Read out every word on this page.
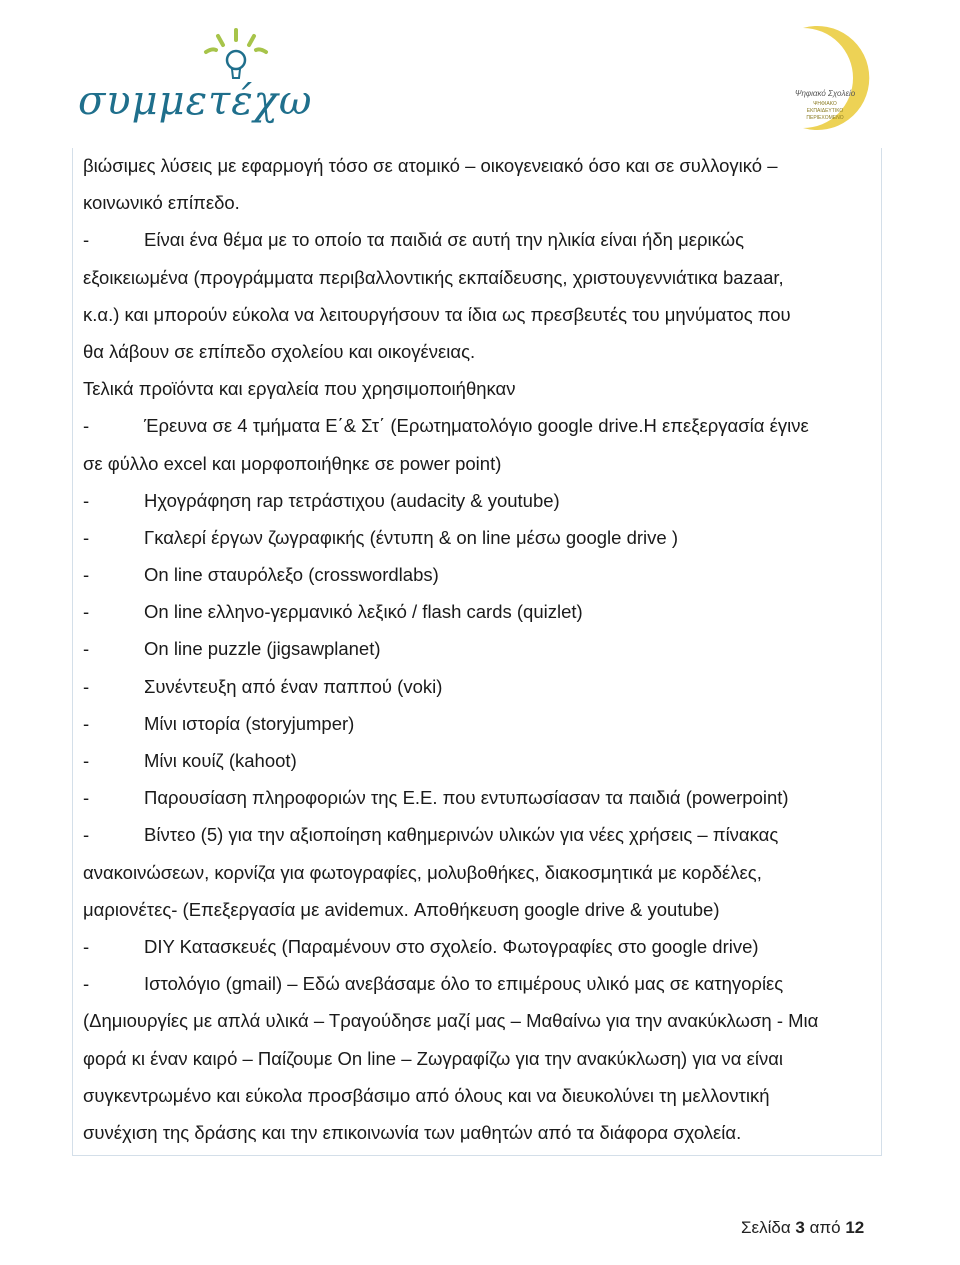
συμμετέχω	Ψηφιακό Σχολείο
ΨΗΦΙΑΚΟ
ΕΚΠΑΙΔΕΥΤΙΚΟ
ΠΕΡΙΕΧΟΜΕΝΟ
βιώσιμες λύσεις με εφαρμογή τόσο σε ατομικό – οικογενειακό όσο και σε συλλογικό –
κοινωνικό επίπεδο.
-	Είναι ένα θέμα με το οποίο τα παιδιά σε αυτή την ηλικία είναι ήδη μερικώς
εξοικειωμένα (προγράμματα περιβαλλοντικής εκπαίδευσης, χριστουγεννιάτικα bazaar,
κ.α.) και μπορούν εύκολα να λειτουργήσουν τα ίδια ως πρεσβευτές του μηνύματος που
θα λάβουν σε επίπεδο σχολείου και οικογένειας.
Τελικά προϊόντα και εργαλεία που χρησιμοποιήθηκαν
-	Έρευνα σε 4 τμήματα Ε΄& Στ΄ (Ερωτηματολόγιο google drive.Η επεξεργασία έγινε
σε φύλλο excel και μορφοποιήθηκε σε power point)
-	Ηχογράφηση rap τετράστιχου (audacity & youtube)
-	Γκαλερί έργων ζωγραφικής (έντυπη & on line μέσω google drive )
-	On line σταυρόλεξο (crosswordlabs)
-	On line ελληνο-γερμανικό λεξικό / flash cards (quizlet)
-	On line puzzle (jigsawplanet)
-	Συνέντευξη από έναν παππού (voki)
-	Μίνι ιστορία (storyjumper)
-	Μίνι κουίζ (kahoot)
-	Παρουσίαση πληροφοριών της Ε.Ε. που εντυπωσίασαν τα παιδιά (powerpoint)
-	Βίντεο (5) για την αξιοποίηση καθημερινών υλικών για νέες χρήσεις – πίνακας
ανακοινώσεων, κορνίζα για φωτογραφίες, μολυβοθήκες, διακοσμητικά με κορδέλες,
μαριονέτες- (Επεξεργασία με avidemux. Αποθήκευση google drive & youtube)
-	DIY Κατασκευές (Παραμένουν στο σχολείο. Φωτογραφίες στο google drive)
-	Ιστολόγιο (gmail) – Εδώ ανεβάσαμε όλο το επιμέρους υλικό μας σε κατηγορίες
(Δημιουργίες με απλά υλικά – Τραγούδησε μαζί μας – Μαθαίνω για την ανακύκλωση - Μια
φορά κι έναν καιρό – Παίζουμε On line – Ζωγραφίζω για την ανακύκλωση) για να είναι
συγκεντρωμένο και εύκολα προσβάσιμο από όλους και να διευκολύνει τη μελλοντική
συνέχιση της δράσης και την επικοινωνία των μαθητών από τα διάφορα σχολεία.
Σελίδα 3 από 12
